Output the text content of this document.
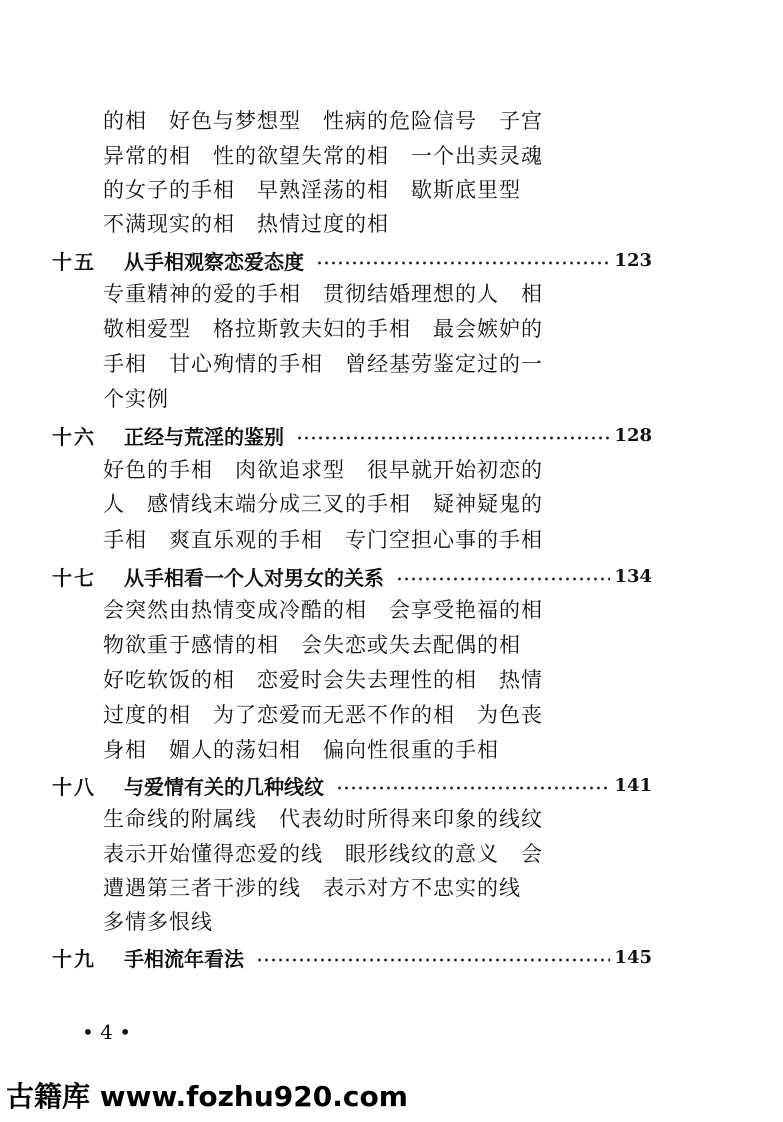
的相　好色与梦想型　性病的危险信号　子宫
异常的相　性的欲望失常的相　一个出卖灵魂
的女子的手相　早熟淫荡的相　歇斯底里型
不满现实的相　热情过度的相
十五	从手相观察恋爱态度	123
专重精神的爱的手相　贯彻结婚理想的人　相
敬相爱型　格拉斯敦夫妇的手相　最会嫉妒的
手相　甘心殉情的手相　曾经基劳鉴定过的一
个实例
十六	正经与荒淫的鉴别	128
好色的手相　肉欲追求型　很早就开始初恋的
人　感情线末端分成三叉的手相　疑神疑鬼的
手相　爽直乐观的手相　专门空担心事的手相
十七	从手相看一个人对男女的关系	134
会突然由热情变成冷酷的相　会享受艳福的相
物欲重于感情的相　会失恋或失去配偶的相
好吃软饭的相　恋爱时会失去理性的相　热情
过度的相　为了恋爱而无恶不作的相　为色丧
身相　媚人的荡妇相　偏向性很重的手相
十八	与爱情有关的几种线纹	141
生命线的附属线　代表幼时所得来印象的线纹
表示开始懂得恋爱的线　眼形线纹的意义　会
遭遇第三者干涉的线　表示对方不忠实的线
多情多恨线
十九	手相流年看法	145
• 4 •
古籍库 www.fozhu920.com
